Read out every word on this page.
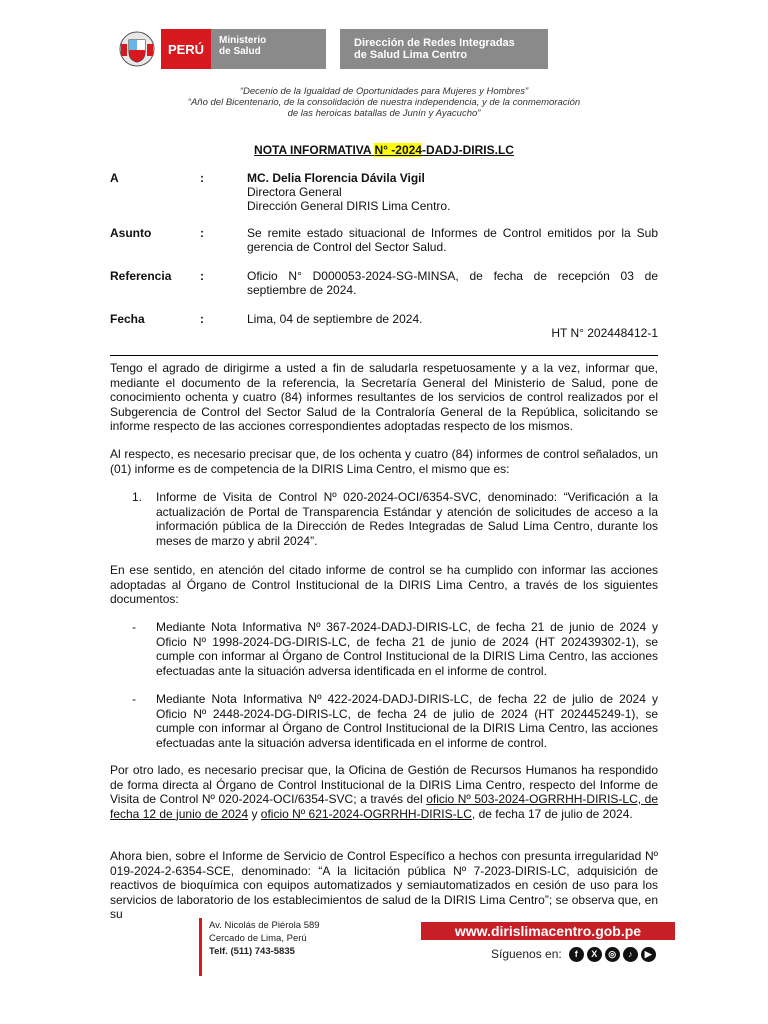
PERÚ
Ministerio
de Salud
Dirección de Redes Integradas
de Salud Lima Centro
“Decenio de la Igualdad de Oportunidades para Mujeres y Hombres”
“Año del Bicentenario, de la consolidación de nuestra independencia, y de la conmemoración
de las heroicas batallas de Junín y Ayacucho”
NOTA INFORMATIVA N° -2024-DADJ-DIRIS.LC
A	:	MC. Delia Florencia Dávila Vigil
Directora General
Dirección General DIRIS Lima Centro.
Asunto	:	Se remite estado situacional de Informes de Control emitidos por la Sub gerencia de Control del Sector Salud.
Referencia :	Oficio N° D000053-2024-SG-MINSA, de fecha de recepción 03 de septiembre de 2024.
Fecha	:	Lima, 04 de septiembre de 2024.
HT N° 202448412-1
Tengo el agrado de dirigirme a usted a fin de saludarla respetuosamente y a la vez, informar que, mediante el documento de la referencia, la Secretaría General del Ministerio de Salud, pone de conocimiento ochenta y cuatro (84) informes resultantes de los servicios de control realizados por el Subgerencia de Control del Sector Salud de la Contraloría General de la República, solicitando se informe respecto de las acciones correspondientes adoptadas respecto de los mismos.
Al respecto, es necesario precisar que, de los ochenta y cuatro (84) informes de control señalados, un (01) informe es de competencia de la DIRIS Lima Centro, el mismo que es:
1. Informe de Visita de Control Nº 020-2024-OCI/6354-SVC, denominado: “Verificación a la actualización de Portal de Transparencia Estándar y atención de solicitudes de acceso a la información pública de la Dirección de Redes Integradas de Salud Lima Centro, durante los meses de marzo y abril 2024”.
En ese sentido, en atención del citado informe de control se ha cumplido con informar las acciones adoptadas al Órgano de Control Institucional de la DIRIS Lima Centro, a través de los siguientes documentos:
- Mediante Nota Informativa Nº 367-2024-DADJ-DIRIS-LC, de fecha 21 de junio de 2024 y Oficio Nº 1998-2024-DG-DIRIS-LC, de fecha 21 de junio de 2024 (HT 202439302-1), se cumple con informar al Órgano de Control Institucional de la DIRIS Lima Centro, las acciones efectuadas ante la situación adversa identificada en el informe de control.
- Mediante Nota Informativa Nº 422-2024-DADJ-DIRIS-LC, de fecha 22 de julio de 2024 y Oficio Nº 2448-2024-DG-DIRIS-LC, de fecha 24 de julio de 2024 (HT 202445249-1), se cumple con informar al Órgano de Control Institucional de la DIRIS Lima Centro, las acciones efectuadas ante la situación adversa identificada en el informe de control.
Por otro lado, es necesario precisar que, la Oficina de Gestión de Recursos Humanos ha respondido de forma directa al Órgano de Control Institucional de la DIRIS Lima Centro, respecto del Informe de Visita de Control Nº 020-2024-OCI/6354-SVC; a través del oficio Nº 503-2024-OGRRHH-DIRIS-LC, de fecha 12 de junio de 2024 y oficio Nº 621-2024-OGRRHH-DIRIS-LC, de fecha 17 de julio de 2024.
Ahora bien, sobre el Informe de Servicio de Control Específico a hechos con presunta irregularidad Nº 019-2024-2-6354-SCE, denominado: “A la licitación pública Nº 7-2023-DIRIS-LC, adquisición de reactivos de bioquímica con equipos automatizados y semiautomatizados en cesión de uso para los servicios de laboratorio de los establecimientos de salud de la DIRIS Lima Centro”; se observa que, en su
Av. Nicolás de Piérola 589
Cercado de Lima, Perú
Telf. (511) 743-5835
www.dirislimacentro.gob.pe
Síguenos en:	f	X	◎	♪	▶
